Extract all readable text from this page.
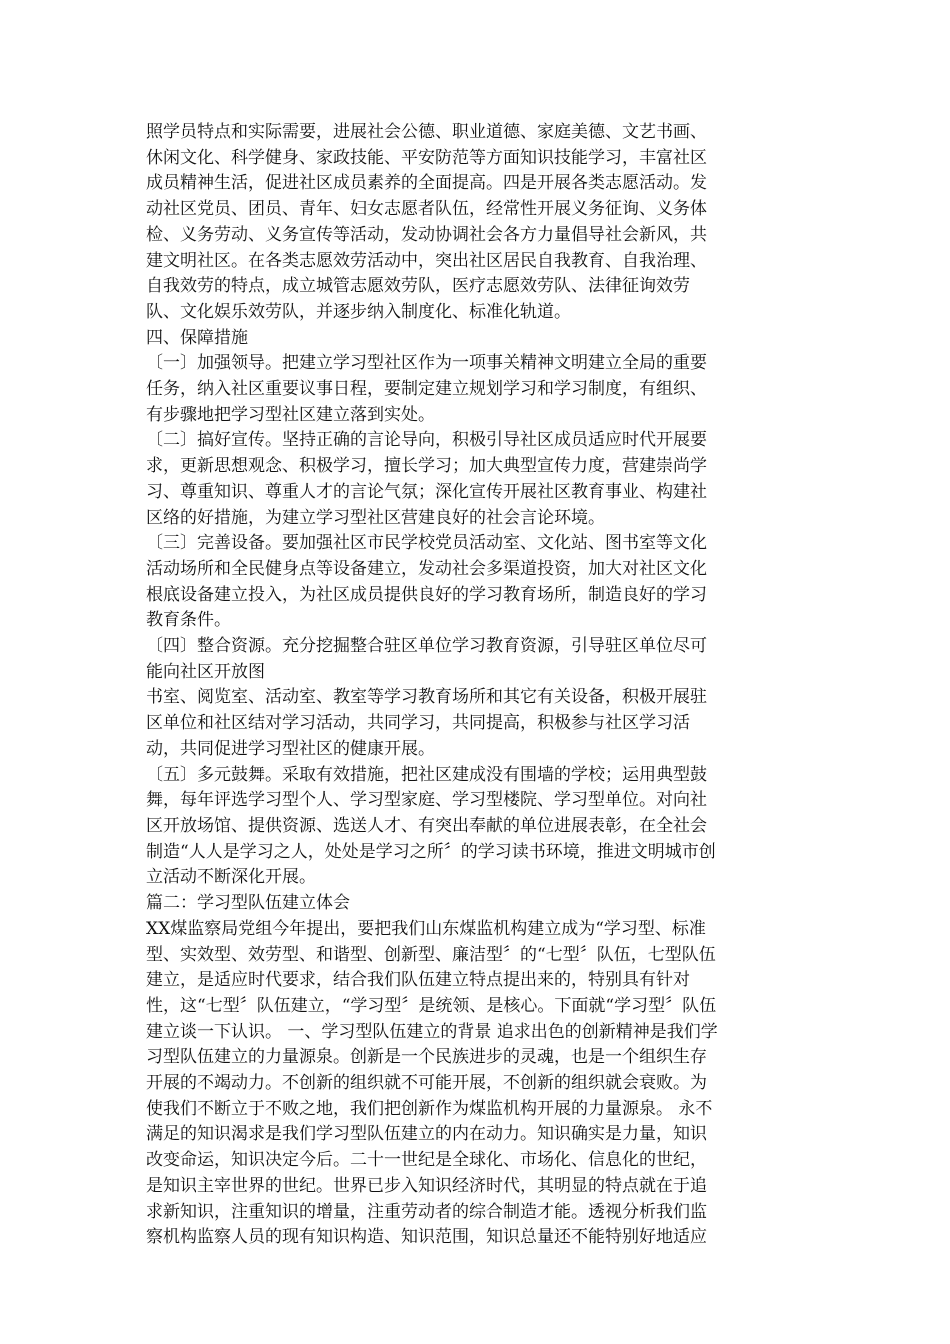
照学员特点和实际需要，进展社会公德、职业道德、家庭美德、文艺书画、
休闲文化、科学健身、家政技能、平安防范等方面知识技能学习，丰富社区
成员精神生活，促进社区成员素养的全面提高。四是开展各类志愿活动。发
动社区党员、团员、青年、妇女志愿者队伍，经常性开展义务征询、义务体
检、义务劳动、义务宣传等活动，发动协调社会各方力量倡导社会新风，共
建文明社区。在各类志愿效劳活动中，突出社区居民自我教育、自我治理、
自我效劳的特点，成立城管志愿效劳队，医疗志愿效劳队、法律征询效劳
队、文化娱乐效劳队，并逐步纳入制度化、标准化轨道。
四、保障措施
〔一〕加强领导。把建立学习型社区作为一项事关精神文明建立全局的重要
任务，纳入社区重要议事日程，要制定建立规划学习和学习制度，有组织、
有步骤地把学习型社区建立落到实处。
〔二〕搞好宣传。坚持正确的言论导向，积极引导社区成员适应时代开展要
求，更新思想观念、积极学习，擅长学习；加大典型宣传力度，营建崇尚学
习、尊重知识、尊重人才的言论气氛；深化宣传开展社区教育事业、构建社
区络的好措施，为建立学习型社区营建良好的社会言论环境。
〔三〕完善设备。要加强社区市民学校党员活动室、文化站、图书室等文化
活动场所和全民健身点等设备建立，发动社会多渠道投资，加大对社区文化
根底设备建立投入，为社区成员提供良好的学习教育场所，制造良好的学习
教育条件。
〔四〕整合资源。充分挖掘整合驻区单位学习教育资源，引导驻区单位尽可
能向社区开放图
书室、阅览室、活动室、教室等学习教育场所和其它有关设备，积极开展驻
区单位和社区结对学习活动，共同学习，共同提高，积极参与社区学习活
动，共同促进学习型社区的健康开展。
〔五〕多元鼓舞。采取有效措施，把社区建成没有围墙的学校；运用典型鼓
舞，每年评选学习型个人、学习型家庭、学习型楼院、学习型单位。对向社
区开放场馆、提供资源、选送人才、有突出奉献的单位进展表彰，在全社会
制造“人人是学习之人，处处是学习之所〞的学习读书环境，推进文明城市创
立活动不断深化开展。
篇二：学习型队伍建立体会
XX煤监察局党组今年提出，要把我们山东煤监机构建立成为“学习型、标准
型、实效型、效劳型、和谐型、创新型、廉洁型〞的“七型〞队伍，七型队伍
建立，是适应时代要求，结合我们队伍建立特点提出来的，特别具有针对
性，这“七型〞队伍建立，“学习型〞是统领、是核心。下面就“学习型〞队伍
建立谈一下认识。 一、学习型队伍建立的背景 追求出色的创新精神是我们学
习型队伍建立的力量源泉。创新是一个民族进步的灵魂，也是一个组织生存
开展的不竭动力。不创新的组织就不可能开展，不创新的组织就会衰败。为
使我们不断立于不败之地，我们把创新作为煤监机构开展的力量源泉。 永不
满足的知识渴求是我们学习型队伍建立的内在动力。知识确实是力量，知识
改变命运，知识决定今后。二十一世纪是全球化、市场化、信息化的世纪，
是知识主宰世界的世纪。世界已步入知识经济时代，其明显的特点就在于追
求新知识，注重知识的增量，注重劳动者的综合制造才能。透视分析我们监
察机构监察人员的现有知识构造、知识范围，知识总量还不能特别好地适应
